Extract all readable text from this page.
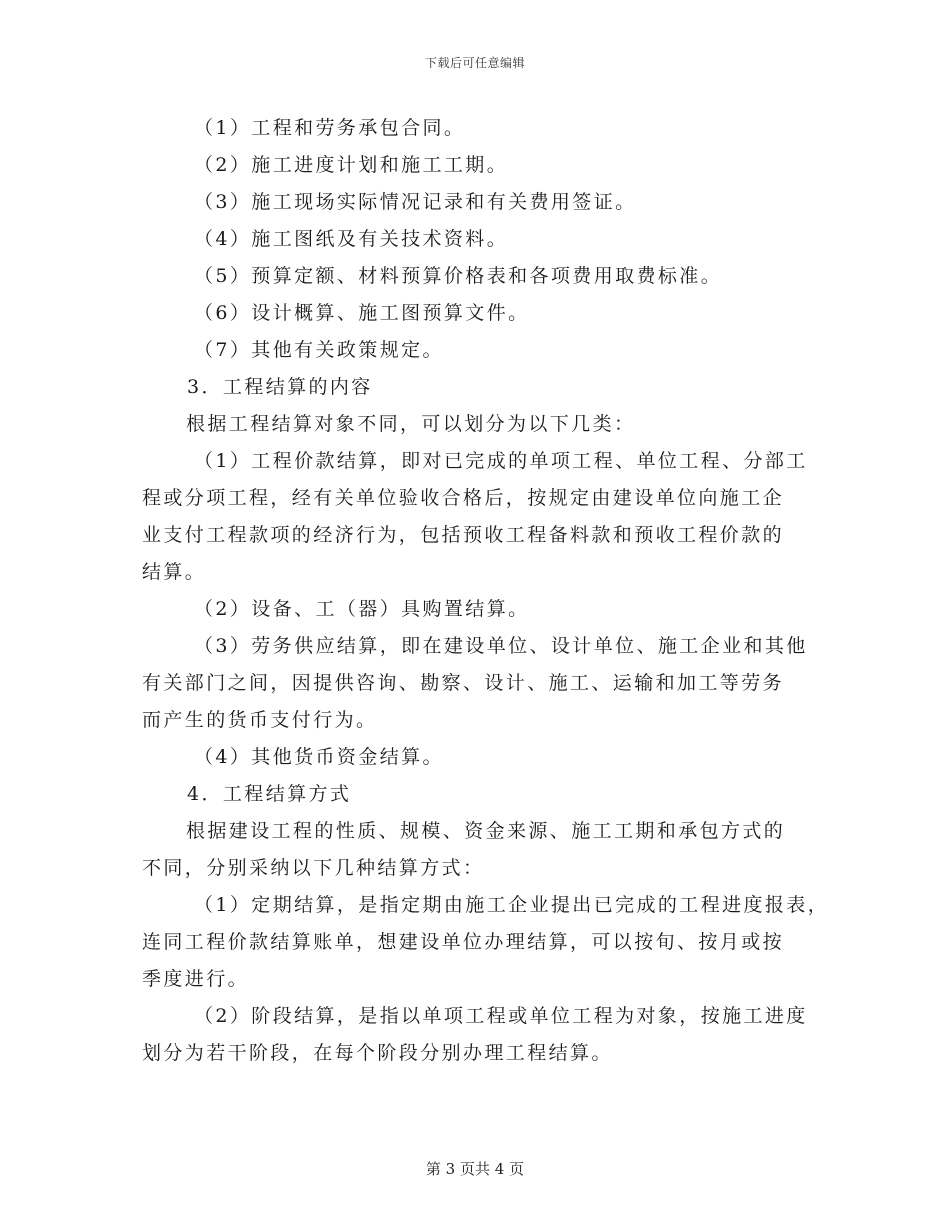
下载后可任意编辑

（1）工程和劳务承包合同。

（2）施工进度计划和施工工期。

（3）施工现场实际情况记录和有关费用签证。

（4）施工图纸及有关技术资料。

（5）预算定额、材料预算价格表和各项费用取费标准。

（6）设计概算、施工图预算文件。

（7）其他有关政策规定。

3．工程结算的内容

根据工程结算对象不同，可以划分为以下几类：

（1）工程价款结算，即对已完成的单项工程、单位工程、分部工

程或分项工程，经有关单位验收合格后，按规定由建设单位向施工企

业支付工程款项的经济行为，包括预收工程备料款和预收工程价款的

结算。

（2）设备、工（器）具购置结算。

（3）劳务供应结算，即在建设单位、设计单位、施工企业和其他

有关部门之间，因提供咨询、勘察、设计、施工、运输和加工等劳务

而产生的货币支付行为。

（4）其他货币资金结算。

4．工程结算方式

根据建设工程的性质、规模、资金来源、施工工期和承包方式的

不同，分别采纳以下几种结算方式：

（1）定期结算，是指定期由施工企业提出已完成的工程进度报表，

连同工程价款结算账单，想建设单位办理结算，可以按旬、按月或按

季度进行。

（2）阶段结算，是指以单项工程或单位工程为对象，按施工进度

划分为若干阶段，在每个阶段分别办理工程结算。

第 3 页共 4 页
